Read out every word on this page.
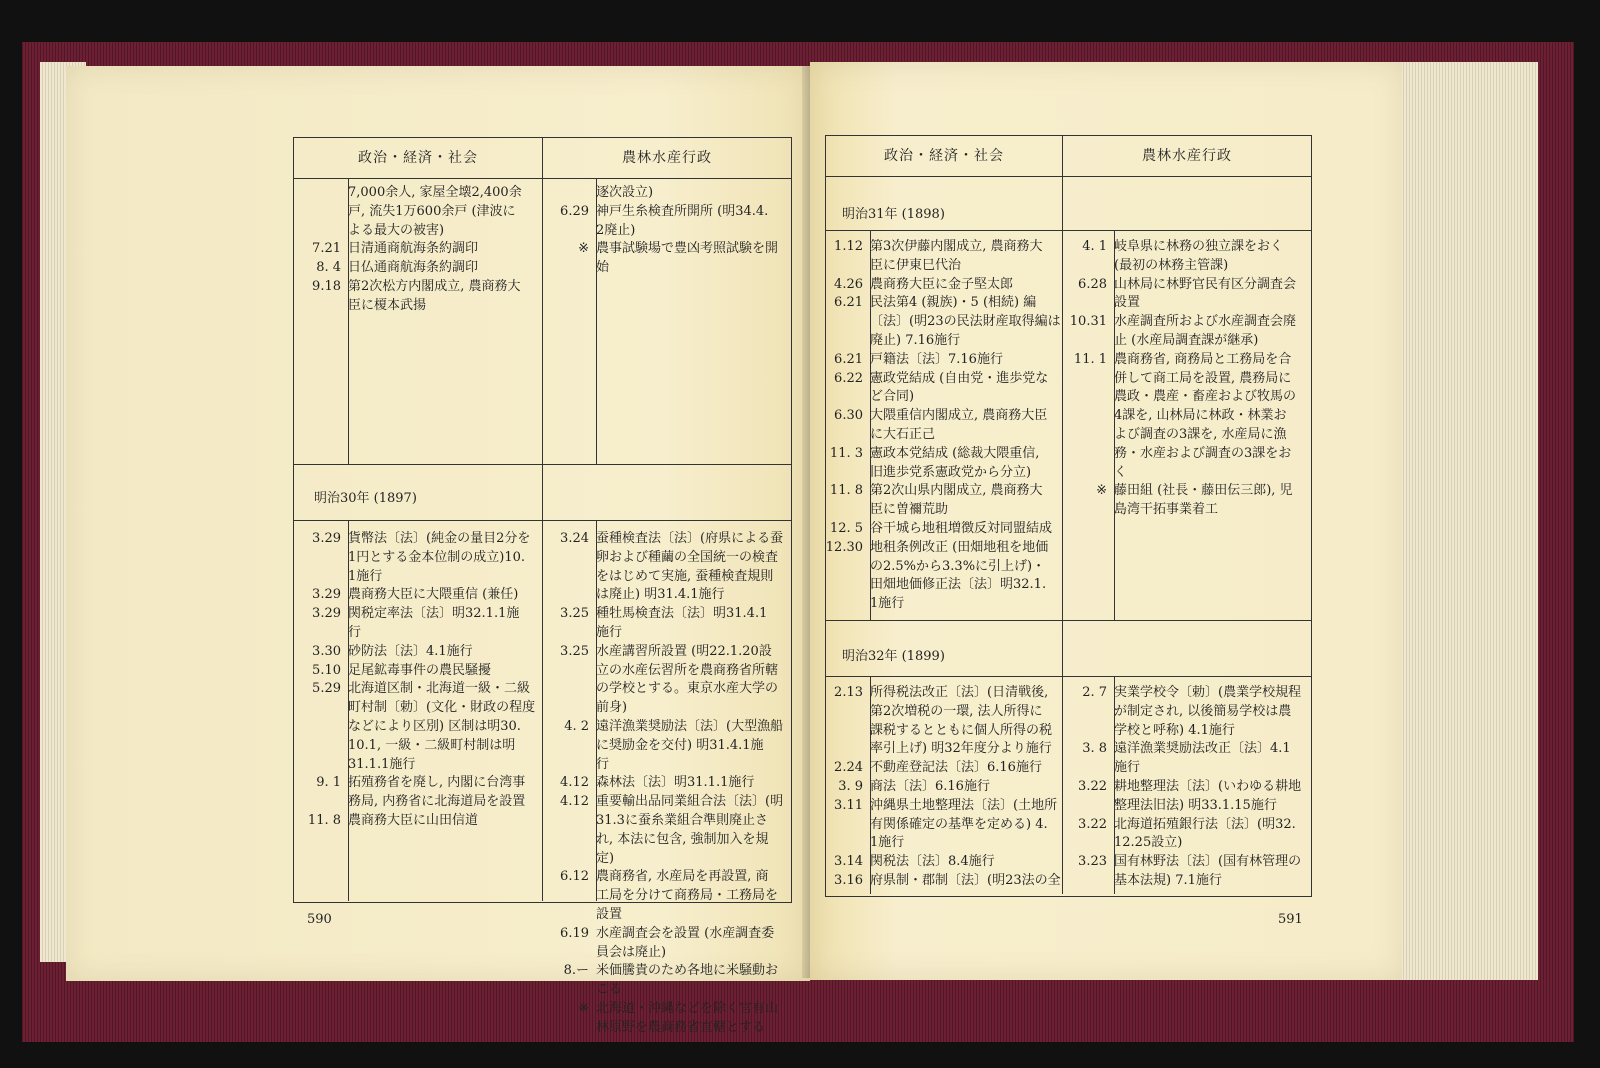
政治・経済・社会	農林水産行政
明治30年 (1897)
7,000余人, 家屋全壊2,400余
戸, 流失1万600余戸 (津波に
よる最大の被害)
7.21 日清通商航海条約調印
8. 4 日仏通商航海条約調印
9.18 第2次松方内閣成立, 農商務大
臣に榎本武揚
逐次設立)
6.29 神戸生糸検査所開所 (明34.4.
2廃止)
※ 農事試験場で豊凶考照試験を開
始
3.29 貨幣法〔法〕(純金の量目2分を
1円とする金本位制の成立)10.
1施行
3.29 農商務大臣に大隈重信 (兼任)
3.29 関税定率法〔法〕明32.1.1施
行
3.30 砂防法〔法〕4.1施行
5.10 足尾鉱毒事件の農民騒擾
5.29 北海道区制・北海道一級・二級
町村制〔勅〕(文化・財政の程度
などにより区別) 区制は明30.
10.1, 一級・二級町村制は明
31.1.1施行
9. 1 拓殖務省を廃し, 内閣に台湾事
務局, 内務省に北海道局を設置
11. 8 農商務大臣に山田信道
3.24 蚕種検査法〔法〕(府県による蚕
卵および種繭の全国統一の検査
をはじめて実施, 蚕種検査規則
は廃止) 明31.4.1施行
3.25 種牡馬検査法〔法〕明31.4.1
施行
3.25 水産講習所設置 (明22.1.20設
立の水産伝習所を農商務省所轄
の学校とする。東京水産大学の
前身)
4. 2 遠洋漁業奨励法〔法〕(大型漁船
に奨励金を交付) 明31.4.1施
行
4.12 森林法〔法〕明31.1.1施行
4.12 重要輸出品同業組合法〔法〕(明
31.3に蚕糸業組合準則廃止さ
れ, 本法に包含, 強制加入を規
定)
6.12 農商務省, 水産局を再設置, 商
工局を分けて商務局・工務局を
設置
6.19 水産調査会を設置 (水産調査委
員会は廃止)
8.ー 米価騰貴のため各地に米騒動お
こる
※ 北海道・沖縄などを除く官有山
林原野を農商務省直轄とする
590
政治・経済・社会	農林水産行政
明治31年 (1898)
明治32年 (1899)
1.12 第3次伊藤内閣成立, 農商務大
臣に伊東巳代治
4.26 農商務大臣に金子堅太郎
6.21 民法第4 (親族)・5 (相続) 編
〔法〕(明23の民法財産取得編は
廃止) 7.16施行
6.21 戸籍法〔法〕7.16施行
6.22 憲政党結成 (自由党・進歩党な
ど合同)
6.30 大隈重信内閣成立, 農商務大臣
に大石正己
11. 3 憲政本党結成 (総裁大隈重信,
旧進歩党系憲政党から分立)
11. 8 第2次山県内閣成立, 農商務大
臣に曽禰荒助
12. 5 谷干城ら地租増徴反対同盟結成
12.30 地租条例改正 (田畑地租を地価
の2.5%から3.3%に引上げ)・
田畑地価修正法〔法〕明32.1.
1施行
4. 1 岐阜県に林務の独立課をおく
(最初の林務主管課)
6.28 山林局に林野官民有区分調査会
設置
10.31 水産調査所および水産調査会廃
止 (水産局調査課が継承)
11. 1 農商務省, 商務局と工務局を合
併して商工局を設置, 農務局に
農政・農産・畜産および牧馬の
4課を, 山林局に林政・林業お
よび調査の3課を, 水産局に漁
務・水産および調査の3課をお
く
※ 藤田組 (社長・藤田伝三郎), 児
島湾干拓事業着工
2.13 所得税法改正〔法〕(日清戦後,
第2次増税の一環, 法人所得に
課税するとともに個人所得の税
率引上げ) 明32年度分より施行
2.24 不動産登記法〔法〕6.16施行
3. 9 商法〔法〕6.16施行
3.11 沖縄県土地整理法〔法〕(土地所
有関係確定の基準を定める) 4.
1施行
3.14 関税法〔法〕8.4施行
3.16 府県制・郡制〔法〕(明23法の全
2. 7 実業学校令〔勅〕(農業学校規程
が制定され, 以後簡易学校は農
学校と呼称) 4.1施行
3. 8 遠洋漁業奨励法改正〔法〕4.1
施行
3.22 耕地整理法〔法〕(いわゆる耕地
整理法旧法) 明33.1.15施行
3.22 北海道拓殖銀行法〔法〕(明32.
12.25設立)
3.23 国有林野法〔法〕(国有林管理の
基本法規) 7.1施行
591
